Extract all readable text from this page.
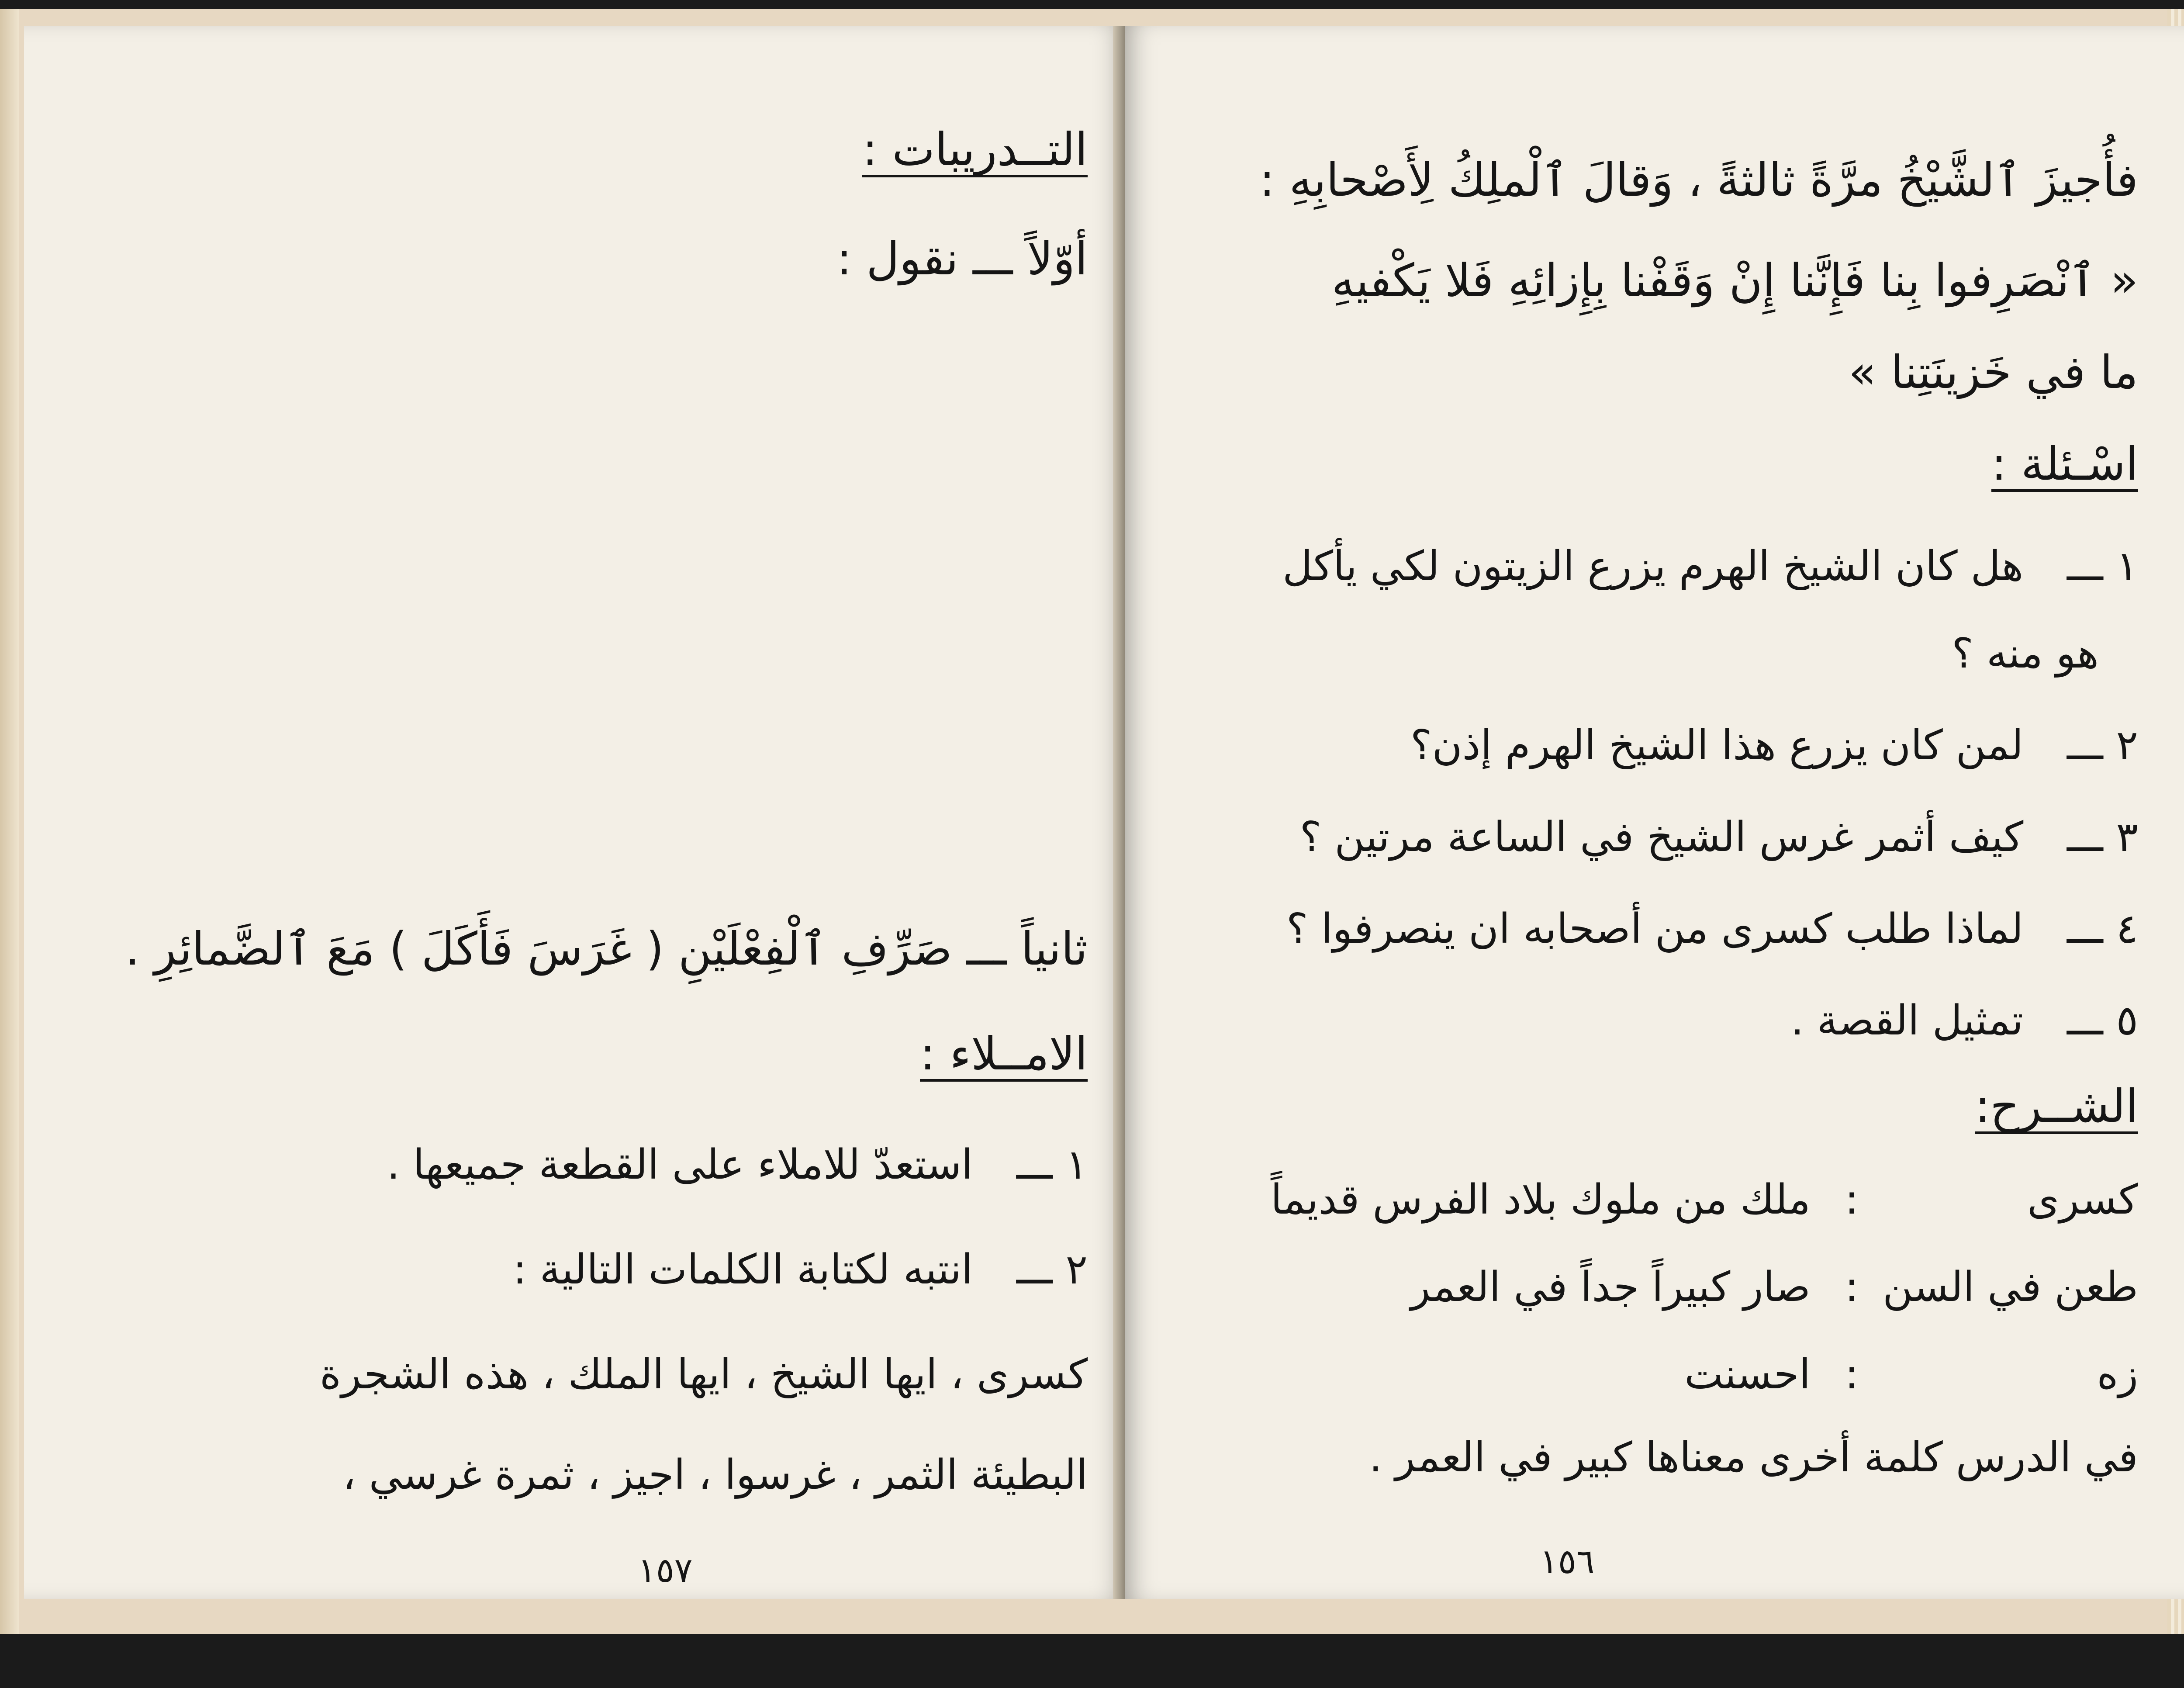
التــدريبات :
أوّلاً ـــ نقول :
ثانياً ـــ صَرِّفِ ٱلْفِعْلَيْنِ ( غَرَسَ فَأَكَلَ ) مَعَ ٱلضَّمائِرِ .
الامــلاء :
١ ـــ  استعدّ للاملاء على القطعة جميعها .
٢ ـــ  انتبه لكتابة الكلمات التالية :
كسرى ، ايها الشيخ ، ايها الملك ، هذه الشجرة
البطيئة الثمر ، غرسوا ، اجيز ، ثمرة غرسي ،
١٥٧
فأُجيزَ ٱلشَّيْخُ مرَّةً ثالثةً ، وَقالَ ٱلْملِكُ لِأَصْحابِهِ :
« ٱنْصَرِفوا بِنا فَإِنَّنا إِنْ وَقَفْنا بِإِزائِهِ فَلا يَكْفيهِ
ما في خَزينَتِنا »
اسْـئلة :
١ ـــ  هل كان الشيخ الهرم يزرع الزيتون لكي يأكل
هو منه ؟
٢ ـــ  لمن كان يزرع هذا الشيخ الهرم إذن؟
٣ ـــ  كيف أثمر غرس الشيخ في الساعة مرتين ؟
٤ ـــ  لماذا طلب كسرى من أصحابه ان ينصرفوا ؟
٥ ـــ  تمثيل القصة .
الشــرح:
كسرى
:
ملك من ملوك بلاد الفرس قديماً
طعن في السن
:
صار كبيراً جداً في العمر
زه
:
احسنت
في الدرس كلمة أخرى معناها كبير في العمر .
١٥٦
